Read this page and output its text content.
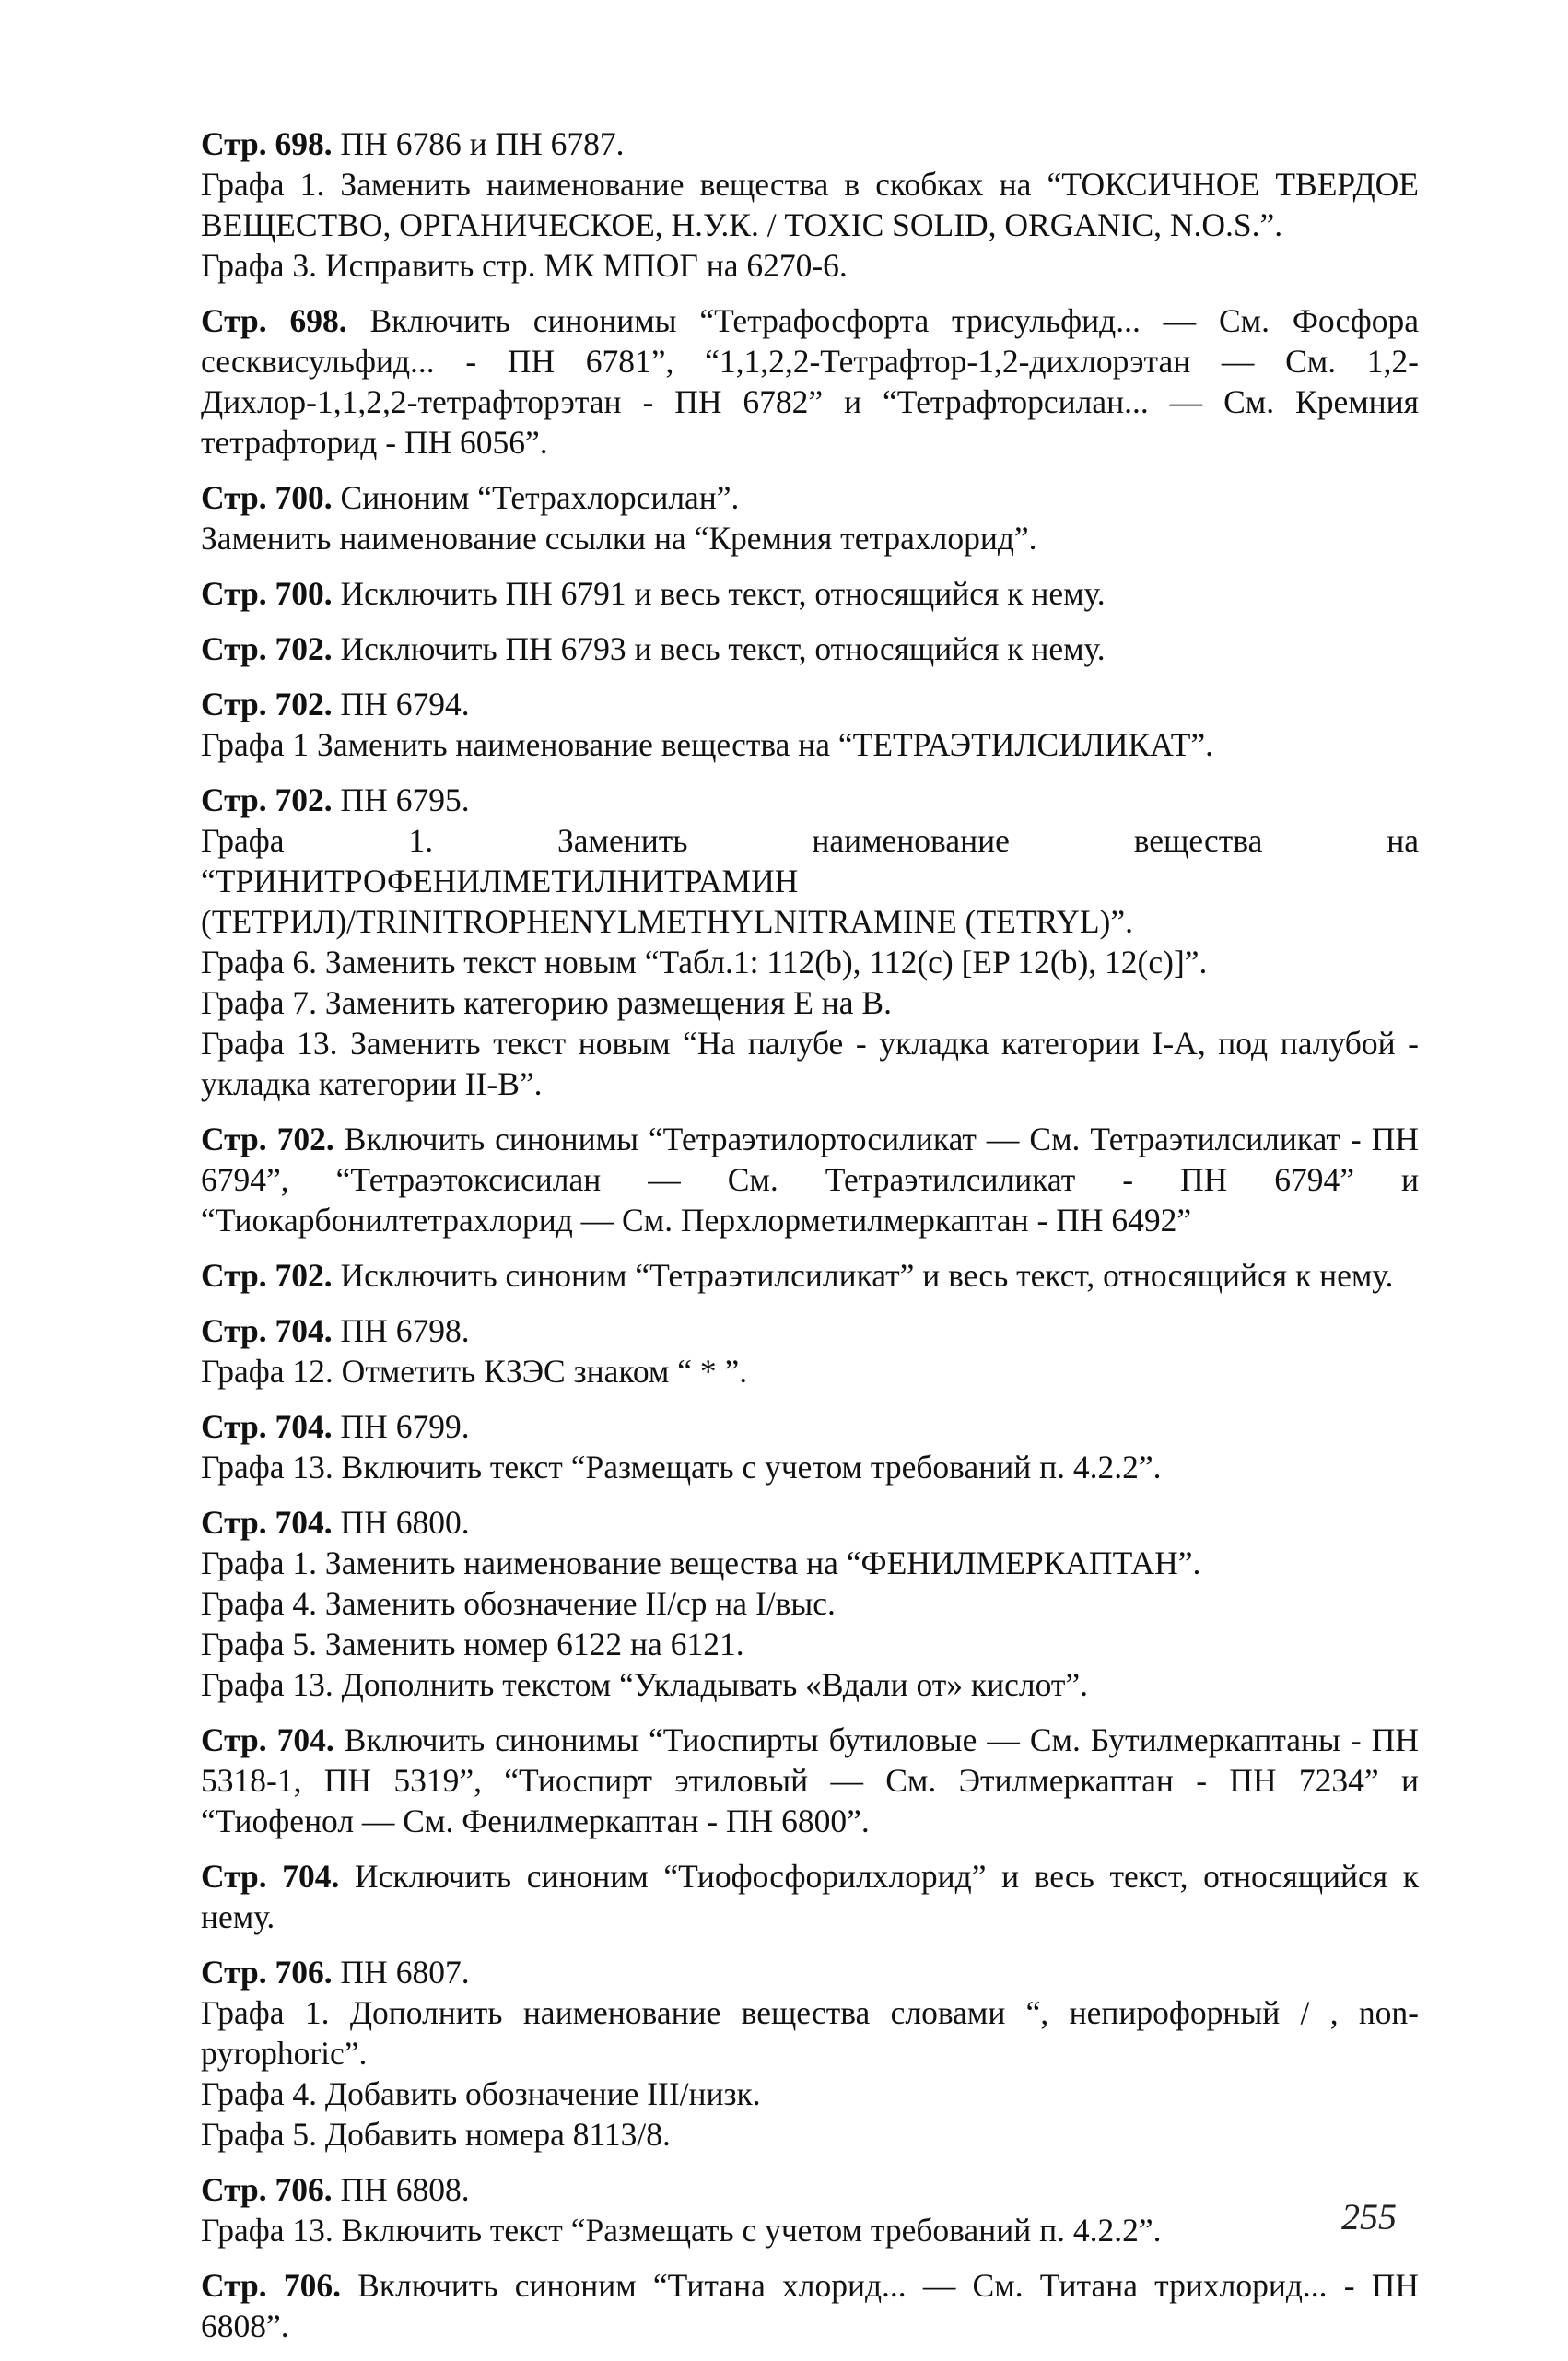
Стр. 698. ПН 6786 и ПН 6787.

Графа 1. Заменить наименование вещества в скобках на “ТОКСИЧНОЕ ТВЕРДОЕ ВЕЩЕСТВО, ОРГАНИЧЕСКОЕ, Н.У.К. / TOXIC SOLID, ORGANIC, N.O.S.”.

Графа 3. Исправить стр. МК МПОГ на 6270-6.

Стр. 698. Включить синонимы “Тетрафосфорта трисульфид... — См. Фосфора сесквисульфид... - ПН 6781”, “1,1,2,2-Тетрафтор-1,2-дихлорэтан — См. 1,2-Дихлор-1,1,2,2-тетрафторэтан - ПН 6782” и “Тетрафторсилан... — См. Кремния тетрафторид - ПН 6056”.

Стр. 700. Синоним “Тетрахлорсилан”.

Заменить наименование ссылки на “Кремния тетрахлорид”.

Стр. 700. Исключить ПН 6791 и весь текст, относящийся к нему.

Стр. 702. Исключить ПН 6793 и весь текст, относящийся к нему.

Стр. 702. ПН 6794.

Графа 1 Заменить наименование вещества на “ТЕТРАЭТИЛСИЛИКАТ”.

Стр. 702. ПН 6795.

Графа 1. Заменить наименование вещества на “ТРИНИТРОФЕНИЛМЕТИЛНИТРАМИН (ТЕТРИЛ)/TRINITROPHENYLMETHYLNITRAMINE (TETRYL)”.

Графа 6. Заменить текст новым “Табл.1: 112(b), 112(c) [EP 12(b), 12(c)]”.

Графа 7. Заменить категорию размещения Е на В.

Графа 13. Заменить текст новым “На палубе - укладка категории I-A, под палубой - укладка категории II-B”.

Стр. 702. Включить синонимы “Тетраэтилортосиликат — См. Тетраэтилсиликат - ПН 6794”, “Тетраэтоксисилан — См. Тетраэтилсиликат - ПН 6794” и “Тиокарбонилтетрахлорид — См. Перхлорметилмеркаптан - ПН 6492”

Стр. 702. Исключить синоним “Тетраэтилсиликат” и весь текст, относящийся к нему.

Стр. 704. ПН 6798.

Графа 12. Отметить КЗЭС знаком “ * ”.

Стр. 704. ПН 6799.

Графа 13. Включить текст “Размещать с учетом требований п. 4.2.2”.

Стр. 704. ПН 6800.

Графа 1. Заменить наименование вещества на “ФЕНИЛМЕРКАПТАН”.

Графа 4. Заменить обозначение II/ср на I/выс.

Графа 5. Заменить номер 6122 на 6121.

Графа 13. Дополнить текстом “Укладывать «Вдали от» кислот”.

Стр. 704. Включить синонимы “Тиоспирты бутиловые — См. Бутилмеркаптаны - ПН 5318-1, ПН 5319”, “Тиоспирт этиловый — См. Этилмеркаптан - ПН 7234” и “Тиофенол — См. Фенилмеркаптан - ПН 6800”.

Стр. 704. Исключить синоним “Тиофосфорилхлорид” и весь текст, относящийся к нему.

Стр. 706. ПН 6807.

Графа 1. Дополнить наименование вещества словами “, непирофорный / , non-pyrophoric”.

Графа 4. Добавить обозначение III/низк.

Графа 5. Добавить номера 8113/8.

Стр. 706. ПН 6808.

Графа 13. Включить текст “Размещать с учетом требований п. 4.2.2”.

Стр. 706. Включить синоним “Титана хлорид... — См. Титана трихлорид... - ПН 6808”.

255
